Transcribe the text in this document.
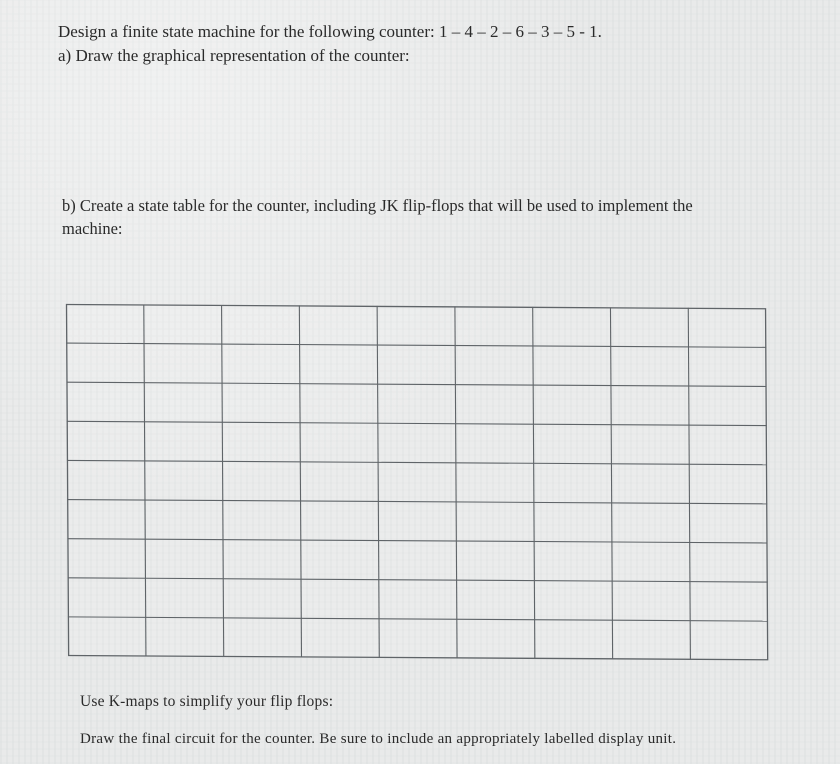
Design a finite state machine for the following counter: 1 – 4 – 2 – 6 – 3 – 5 - 1.
a) Draw the graphical representation of the counter:
b) Create a state table for the counter, including JK flip-flops that will be used to implement the
machine:
Use K-maps to simplify your flip flops:
Draw the final circuit for the counter. Be sure to include an appropriately labelled display unit.
